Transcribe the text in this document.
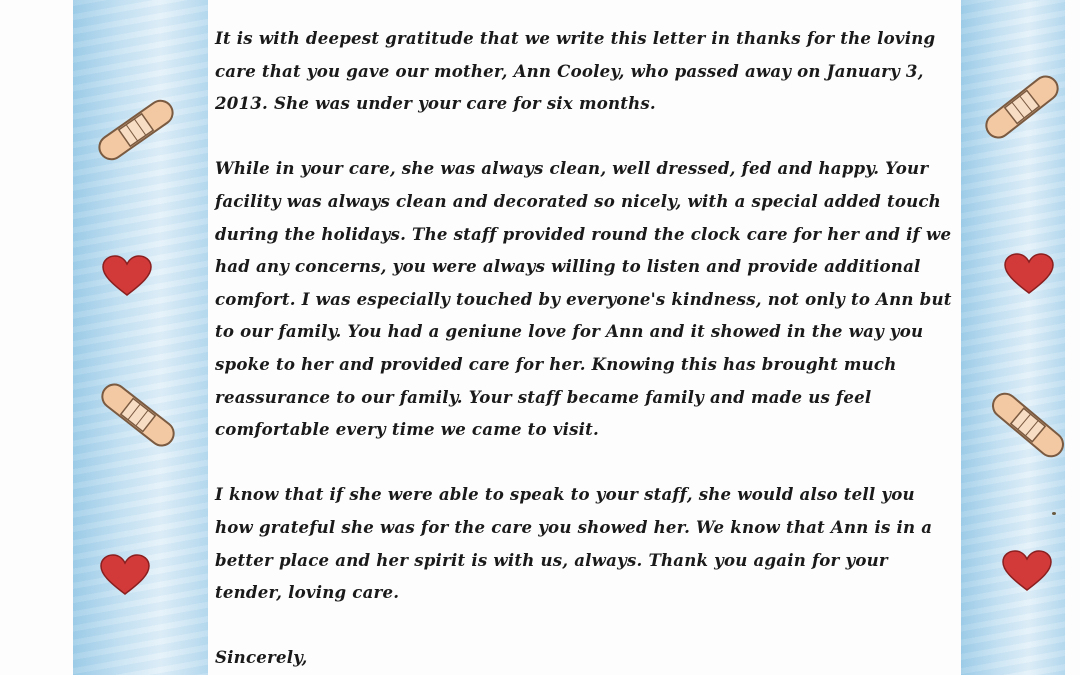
It is with deepest gratitude that we write this letter in thanks for the loving care that you gave our mother, Ann Cooley, who passed away on January 3, 2013. She was under your care for six months.

While in your care, she was always clean, well dressed, fed and happy. Your facility was always clean and decorated so nicely, with a special added touch during the holidays. The staff provided round the clock care for her and if we had any concerns, you were always willing to listen and provide additional comfort. I was especially touched by everyone's kindness, not only to Ann but to our family. You had a geniune love for Ann and it showed in the way you spoke to her and provided care for her. Knowing this has brought much reassurance to our family. Your staff became family and made us feel comfortable every time we came to visit.

I know that if she were able to speak to your staff, she would also tell you how grateful she was for the care you showed her. We know that Ann is in a better place and her spirit is with us, always. Thank you again for your tender, loving care.

Sincerely,
